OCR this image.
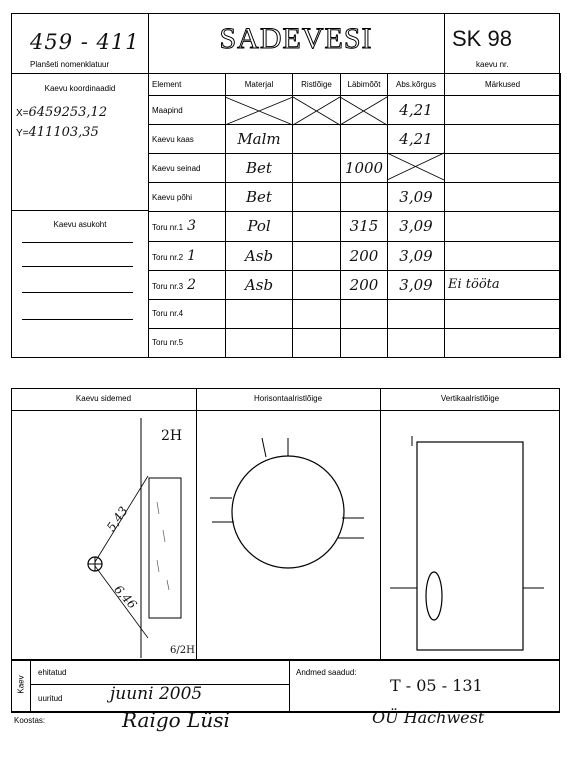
459 - 411
Planšeti nomenklatuur
SADEVESI	SK 98
kaevu nr.
Kaevu koordinaadid
X=6459253,12
Y=411103,35
Kaevu asukoht
Element	Materjal	Ristlõige	Läbimõõt	Abs.kõrgus	Märkused
Maapind				4,21	
Kaevu kaas	Malm			4,21	
Kaevu seinad	Bet		1000		
Kaevu põhi	Bet			3,09	
Toru nr.1 3	Pol		315	3,09	
Toru nr.2 1	Asb		200	3,09	
Toru nr.3 2	Asb		200	3,09	Ei tööta
Toru nr.4					
Toru nr.5					
Kaevu sidemed	Horisontaalristlõige	Vertikaalristlõige
2H
6/2H
5,43
6,46
Kaev
ehitatud
uuritud	juuni 2005
Andmed saadud:
T - 05 - 131
Koostas:	Raigo Lüsi	OÜ Hachwest
